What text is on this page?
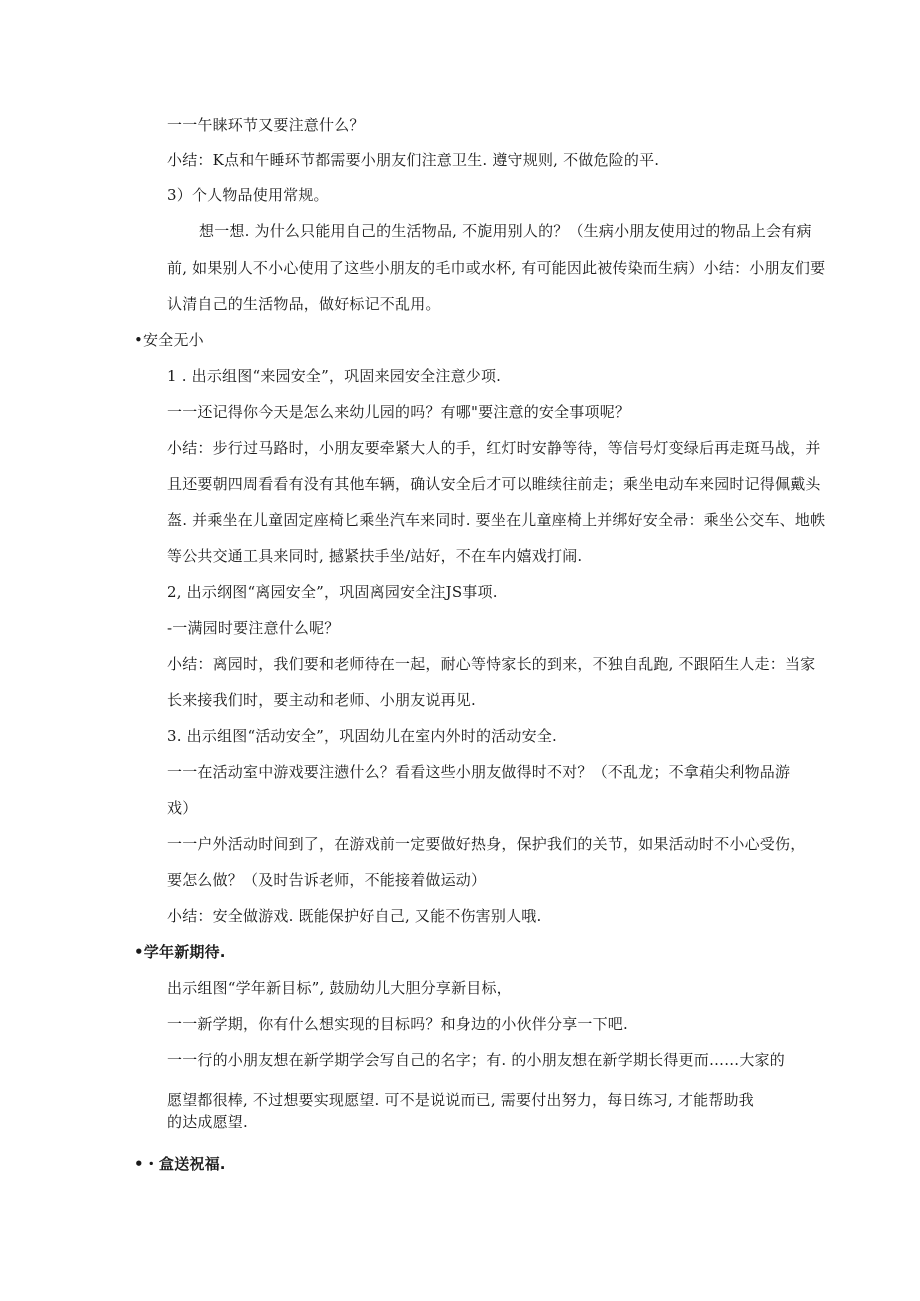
一一午睐环节又要注意什么？
小结：K点和午睡环节都需要小朋友们注意卫生. 遵守规则, 不做危险的平.
3）个人物品使用常规。
想一想. 为什么只能用自己的生活物品, 不旎用别人的？（生病小朋友使用过的物品上会有病
前, 如果别人不小心使用了这些小朋友的毛巾或水杯, 有可能因此被传染而生病）小结：小朋友们要
认清自己的生活物品，做好标记不乱用。
•安全无小
1 . 出示组图“来园安全”，巩固来园安全注意少项.
一一还记得你今天是怎么来幼儿园的吗？有哪"要注意的安全事项呢？
小结：步行过马路时，小朋友要牵紧大人的手，红灯时安静等待，等信号灯变绿后再走斑马战，并
且还要朝四周看看有没有其他车辆，确认安全后才可以睢续往前走；乘坐电动车来园时记得佩戴头
盔. 并乘坐在儿童固定座椅匕乘坐汽车来同时. 要坐在儿童座椅上并绑好安全帚：乘坐公交车、地帙
等公共交通工具来同时, 撼紧扶手坐/站好，不在车内嬉戏打闹.
2, 出示纲图“离园安全”，巩固离园安全注JS事项.
-一满园时要注意什么呢？
小结：离园时，我们要和老师待在一起，耐心等恃家长的到来，不独自乱跑, 不跟陌生人走：当家
长来接我们时，要主动和老师、小朋友说再见.
3. 出示组图“活动安全”，巩固幼儿在室内外时的活动安全.
一一在活动室中游戏要注懑什么？看看这些小朋友做得时不对？（不乱龙；不拿葙尖利物品游
戏）
一一户外活动时间到了，在游戏前一定要做好热身，保护我们的关节，如果活动时不小心受伤，
要怎么做？（及时告诉老师，不能接着做运动）
小结：安全做游戏. 既能保护好自己, 又能不伤害别人哦.
•学年新期待.
出示组图“学年新目标”, 鼓励幼儿大胆分享新目标，
一一新学期，你有什么想实现的目标吗？和身边的小伙伴分享一下吧.
一一行的小朋友想在新学期学会写自己的名字；有. 的小朋友想在新学期长得更而……大家的
愿望都很棒, 不过想要实现愿望. 可不是说说而已, 需要付出努力，每日练习, 才能帮助我
的达成愿望.
•・盒送祝福.
